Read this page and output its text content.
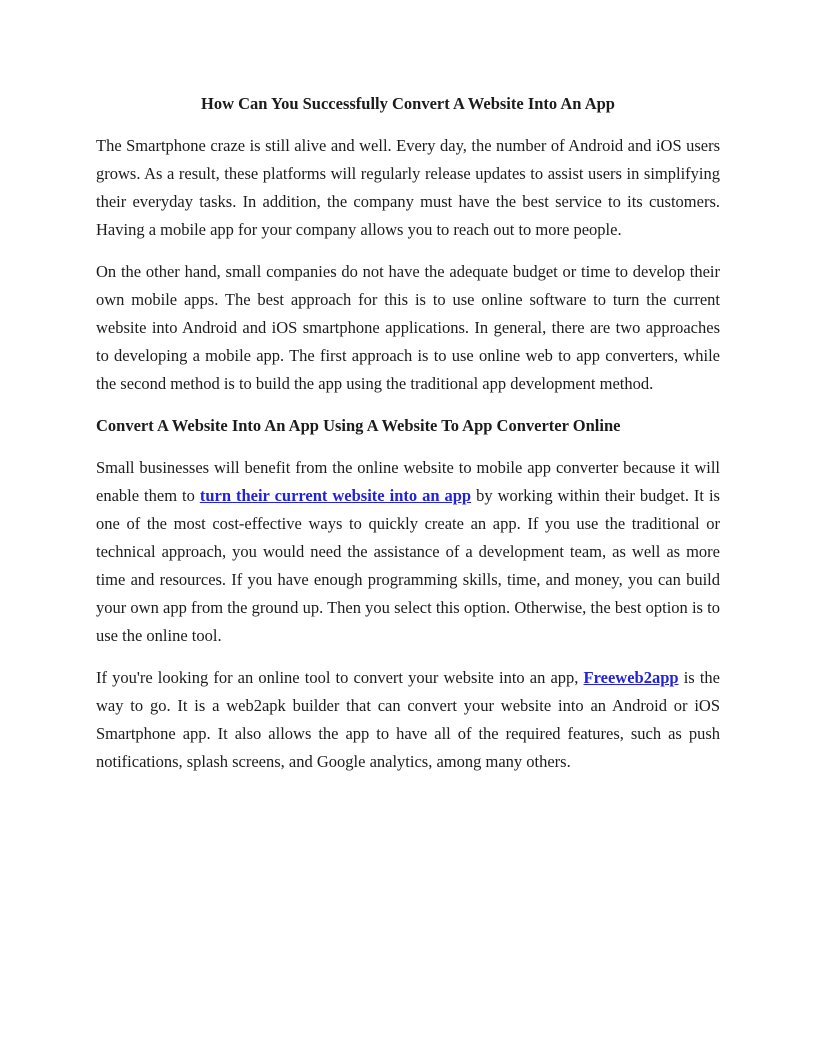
How Can You Successfully Convert A Website Into An App

The Smartphone craze is still alive and well. Every day, the number of Android and iOS users grows. As a result, these platforms will regularly release updates to assist users in simplifying their everyday tasks. In addition, the company must have the best service to its customers. Having a mobile app for your company allows you to reach out to more people.

On the other hand, small companies do not have the adequate budget or time to develop their own mobile apps. The best approach for this is to use online software to turn the current website into Android and iOS smartphone applications. In general, there are two approaches to developing a mobile app. The first approach is to use online web to app converters, while the second method is to build the app using the traditional app development method.

Convert A Website Into An App Using A Website To App Converter Online

Small businesses will benefit from the online website to mobile app converter because it will enable them to turn their current website into an app by working within their budget. It is one of the most cost-effective ways to quickly create an app. If you use the traditional or technical approach, you would need the assistance of a development team, as well as more time and resources. If you have enough programming skills, time, and money, you can build your own app from the ground up. Then you select this option. Otherwise, the best option is to use the online tool.

If you're looking for an online tool to convert your website into an app, Freeweb2app is the way to go. It is a web2apk builder that can convert your website into an Android or iOS Smartphone app. It also allows the app to have all of the required features, such as push notifications, splash screens, and Google analytics, among many others.
